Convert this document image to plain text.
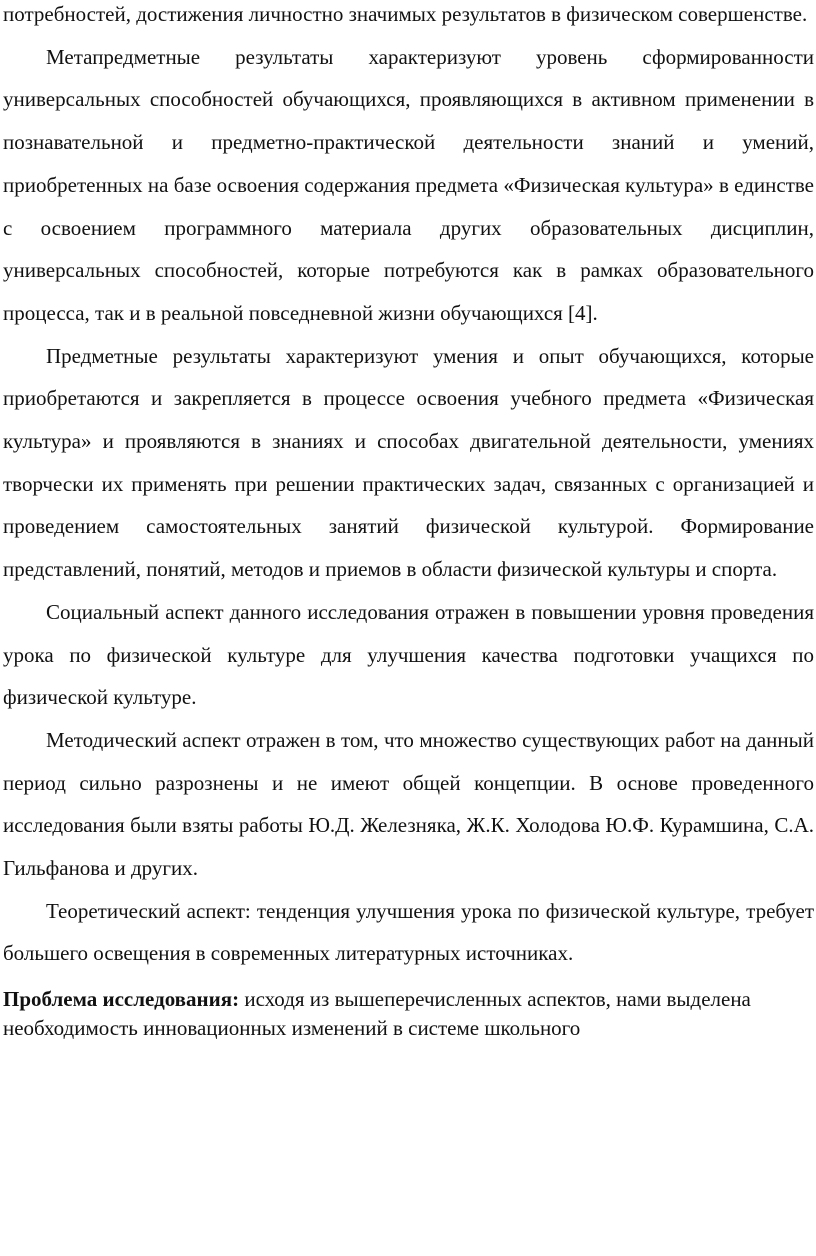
потребностей, достижения личностно значимых результатов в физическом совершенстве.

Метапредметные результаты характеризуют уровень сформированности универсальных способностей обучающихся, проявляющихся в активном применении в познавательной и предметно-практической деятельности знаний и умений, приобретенных на базе освоения содержания предмета «Физическая культура» в единстве с освоением программного материала других образовательных дисциплин, универсальных способностей, которые потребуются как в рамках образовательного процесса, так и в реальной повседневной жизни обучающихся [4].

Предметные результаты характеризуют умения и опыт обучающихся, которые приобретаются и закрепляется в процессе освоения учебного предмета «Физическая культура» и проявляются в знаниях и способах двигательной деятельности, умениях творчески их применять при решении практических задач, связанных с организацией и проведением самостоятельных занятий физической культурой. Формирование представлений, понятий, методов и приемов в области физической культуры и спорта.

Социальный аспект данного исследования отражен в повышении уровня проведения урока по физической культуре для улучшения качества подготовки учащихся по физической культуре.

Методический аспект отражен в том, что множество существующих работ на данный период сильно разрознены и не имеют общей концепции. В основе проведенного исследования были взяты работы Ю.Д. Железняка, Ж.К. Холодова Ю.Ф. Курамшина, С.А. Гильфанова и других.

Теоретический аспект: тенденция улучшения урока по физической культуре, требует большего освещения в современных литературных источниках.

Проблема исследования: исходя из вышеперечисленных аспектов, нами выделена необходимость инновационных изменений в системе школьного
